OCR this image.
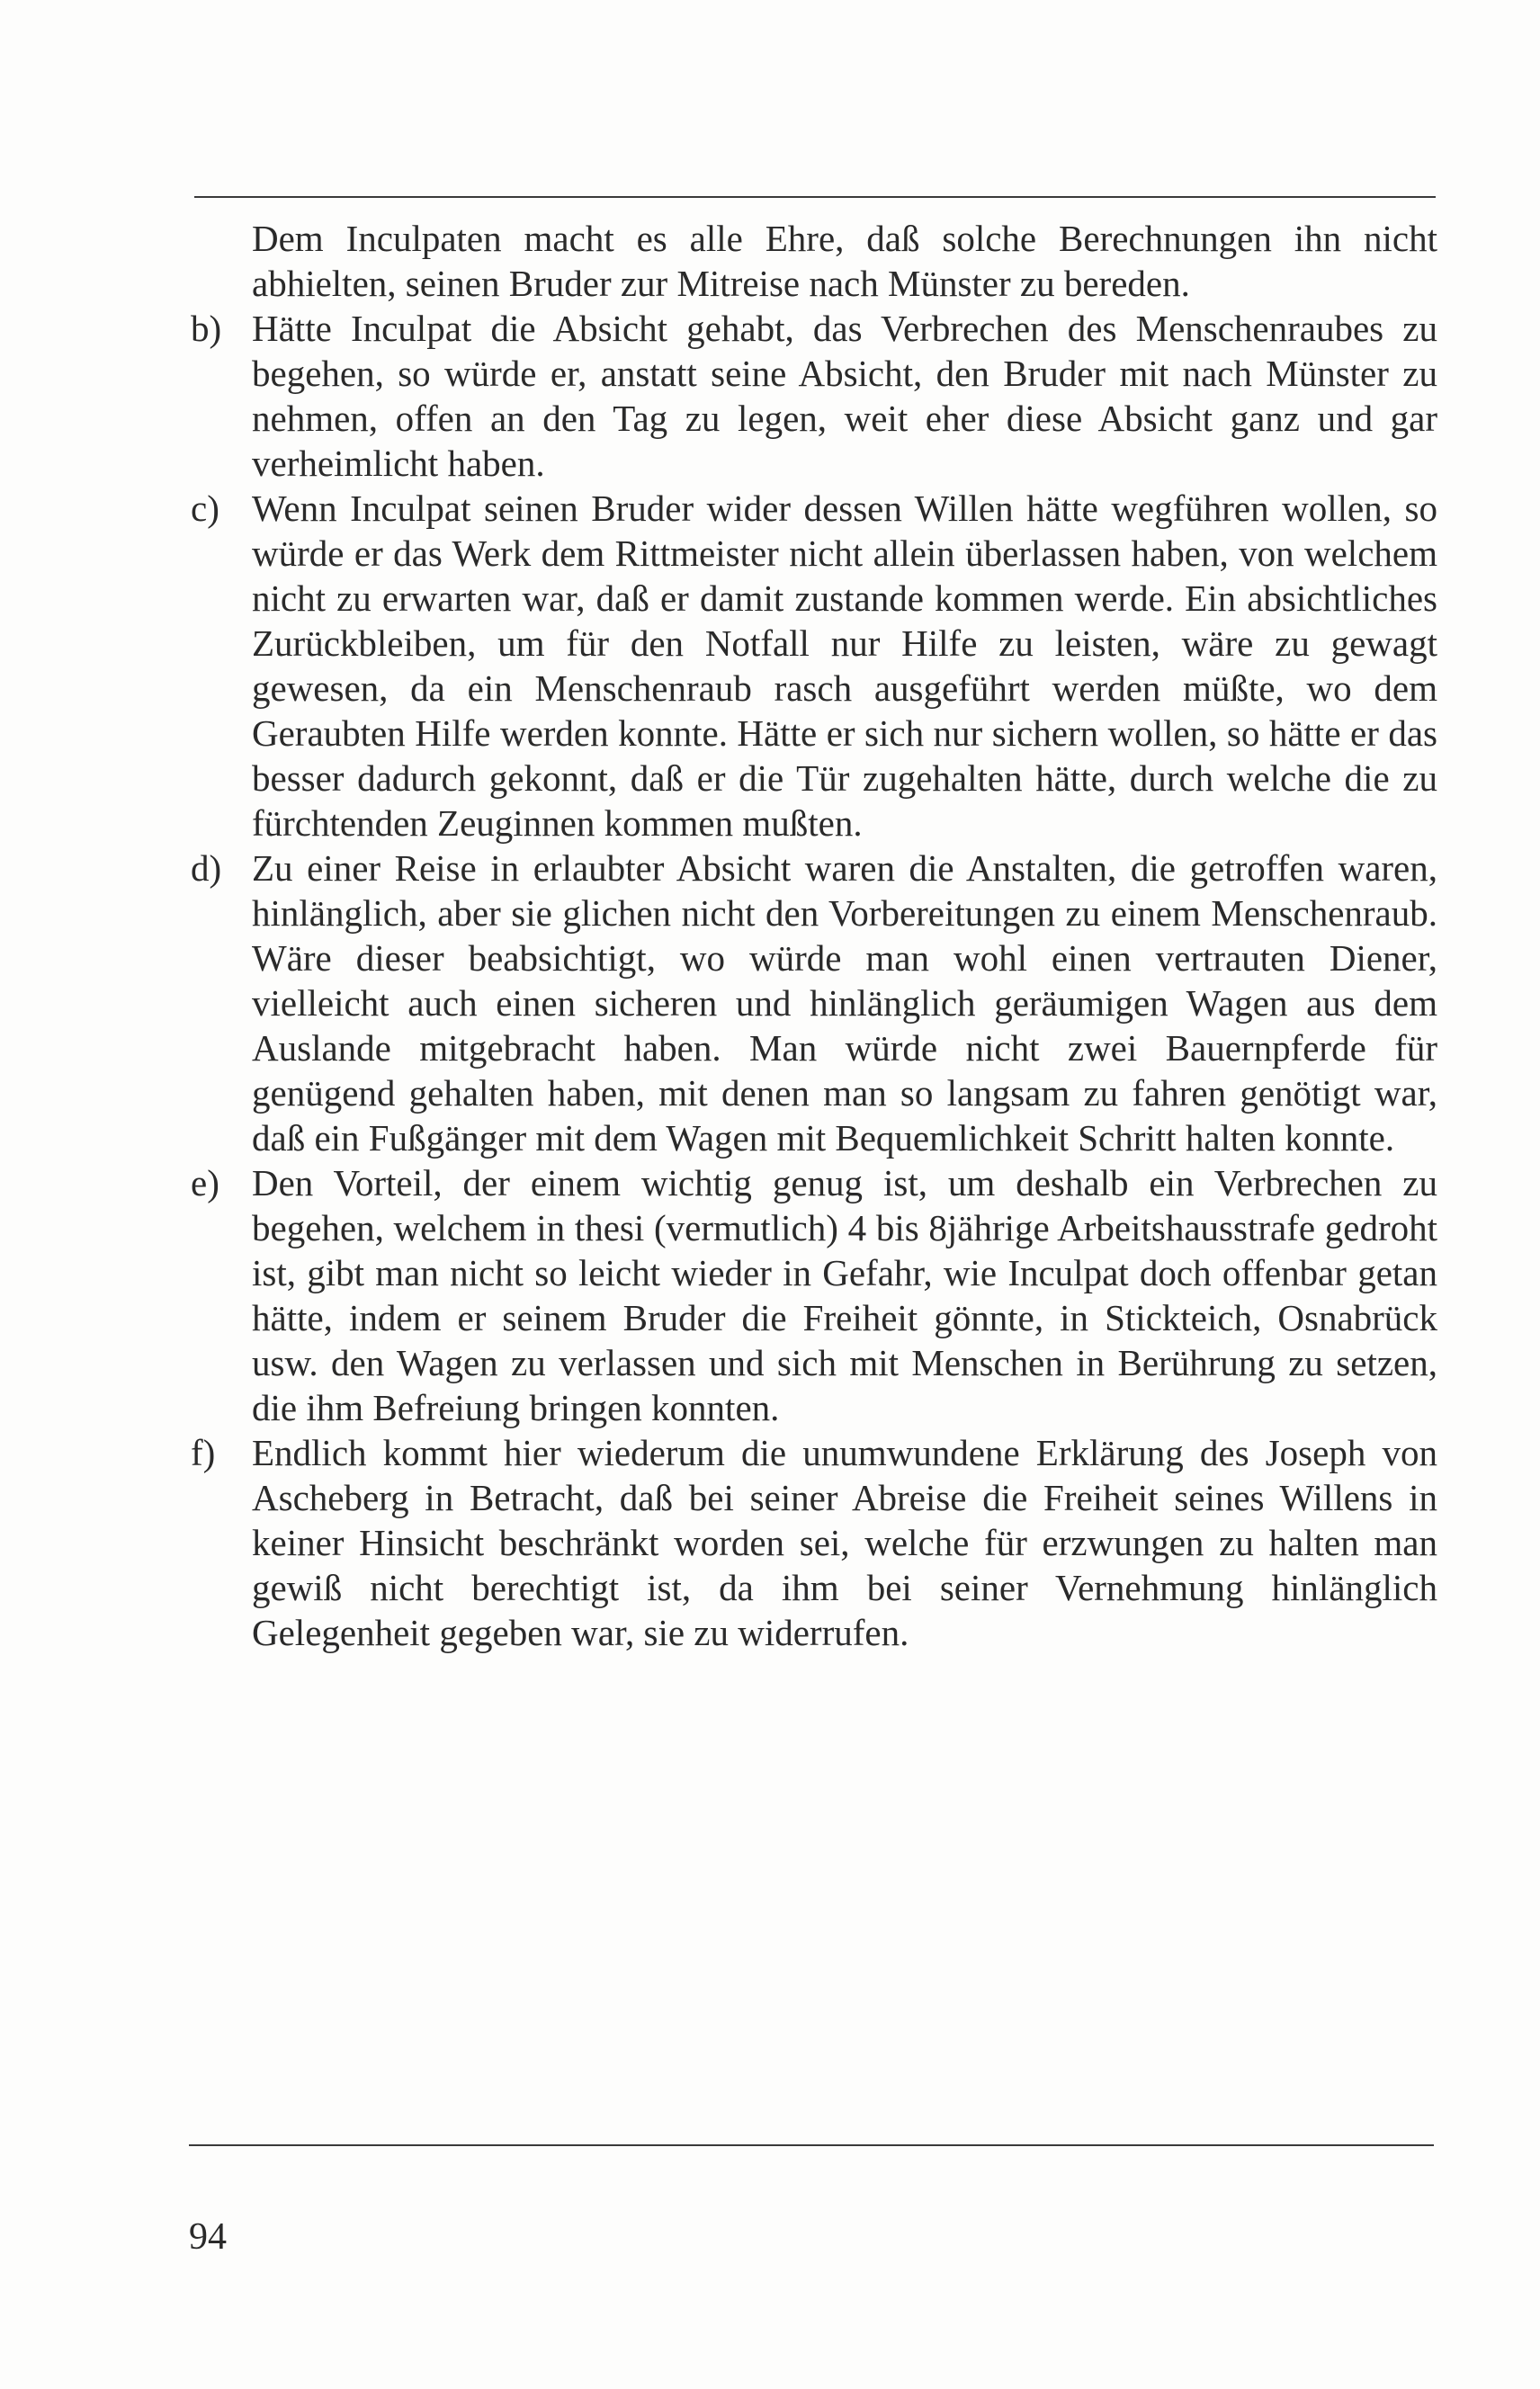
Dem Inculpaten macht es alle Ehre, daß solche Berechnungen ihn nicht abhielten, seinen Bruder zur Mitreise nach Münster zu bereden.

b) Hätte Inculpat die Absicht gehabt, das Verbrechen des Menschenraubes zu begehen, so würde er, anstatt seine Absicht, den Bruder mit nach Münster zu nehmen, offen an den Tag zu legen, weit eher diese Absicht ganz und gar verheimlicht haben.

c) Wenn Inculpat seinen Bruder wider dessen Willen hätte wegführen wollen, so würde er das Werk dem Rittmeister nicht allein überlassen haben, von welchem nicht zu erwarten war, daß er damit zustande kommen werde. Ein absichtliches Zurückbleiben, um für den Notfall nur Hilfe zu leisten, wäre zu gewagt gewesen, da ein Menschenraub rasch ausgeführt werden müßte, wo dem Geraubten Hilfe werden konnte. Hätte er sich nur sichern wollen, so hätte er das besser dadurch gekonnt, daß er die Tür zugehalten hätte, durch welche die zu fürchtenden Zeuginnen kommen mußten.

d) Zu einer Reise in erlaubter Absicht waren die Anstalten, die getroffen waren, hinlänglich, aber sie glichen nicht den Vorbereitungen zu einem Menschenraub. Wäre dieser beabsichtigt, wo würde man wohl einen vertrauten Diener, vielleicht auch einen sicheren und hinlänglich geräumigen Wagen aus dem Auslande mitgebracht haben. Man würde nicht zwei Bauernpferde für genügend gehalten haben, mit denen man so langsam zu fahren genötigt war, daß ein Fußgänger mit dem Wagen mit Bequemlichkeit Schritt halten konnte.

e) Den Vorteil, der einem wichtig genug ist, um deshalb ein Verbrechen zu begehen, welchem in thesi (vermutlich) 4 bis 8jährige Arbeitshausstrafe gedroht ist, gibt man nicht so leicht wieder in Gefahr, wie Inculpat doch offenbar getan hätte, indem er seinem Bruder die Freiheit gönnte, in Stickteich, Osnabrück usw. den Wagen zu verlassen und sich mit Menschen in Berührung zu setzen, die ihm Befreiung bringen konnten.

f) Endlich kommt hier wiederum die unumwundene Erklärung des Joseph von Ascheberg in Betracht, daß bei seiner Abreise die Freiheit seines Willens in keiner Hinsicht beschränkt worden sei, welche für erzwungen zu halten man gewiß nicht berechtigt ist, da ihm bei seiner Vernehmung hinlänglich Gelegenheit gegeben war, sie zu widerrufen.

94
